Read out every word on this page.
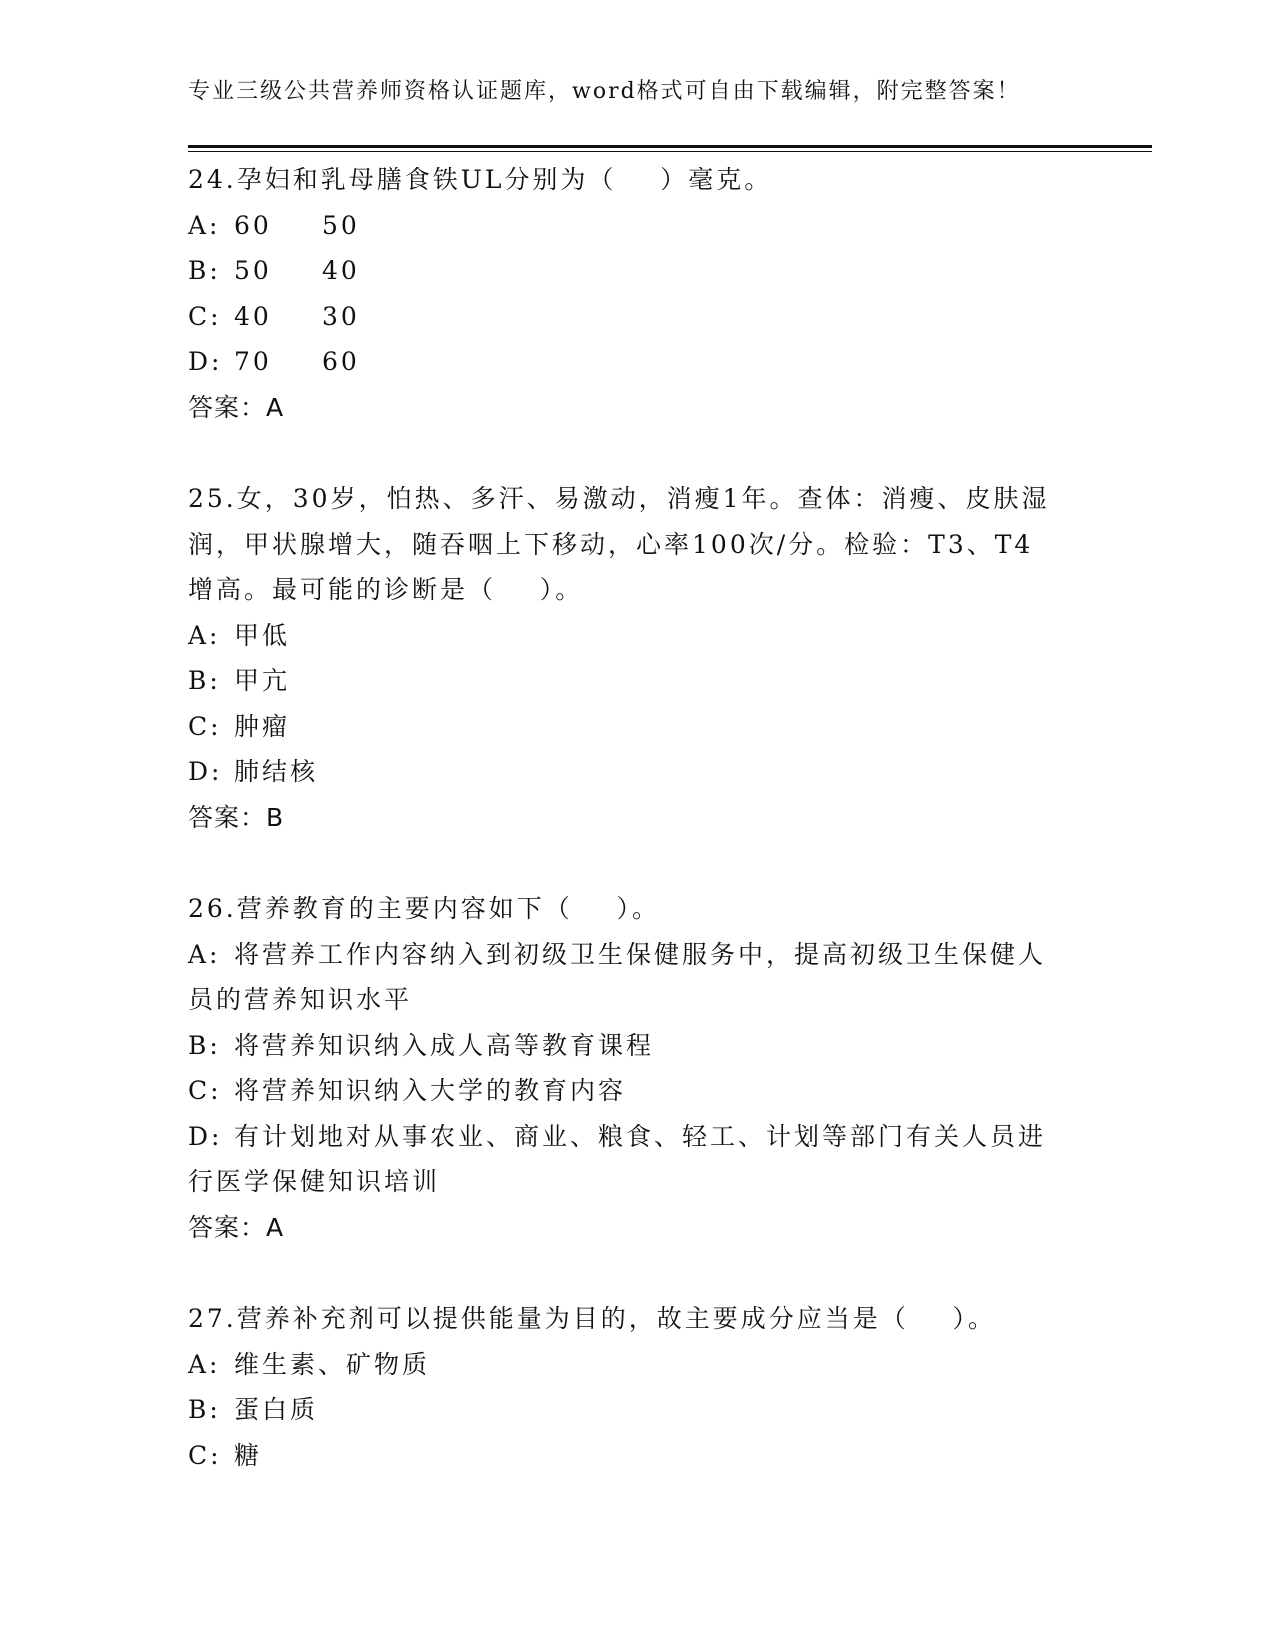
专业三级公共营养师资格认证题库，word格式可自由下载编辑，附完整答案！
24.孕妇和乳母膳食铁UL分别为（    ）毫克。
A: 60 50
B: 50 40
C: 40 30
D: 70 60
答案：A
25.女，30岁，怕热、多汗、易激动，消瘦1年。查体：消瘦、皮肤湿
润，甲状腺增大，随吞咽上下移动，心率100次/分。检验：T3、T4
增高。最可能的诊断是（    ）。
A: 甲低
B: 甲亢
C: 肿瘤
D: 肺结核
答案：B
26.营养教育的主要内容如下（    ）。
A: 将营养工作内容纳入到初级卫生保健服务中，提高初级卫生保健人
员的营养知识水平
B: 将营养知识纳入成人高等教育课程
C: 将营养知识纳入大学的教育内容
D: 有计划地对从事农业、商业、粮食、轻工、计划等部门有关人员进
行医学保健知识培训
答案：A
27.营养补充剂可以提供能量为目的，故主要成分应当是（    ）。
A: 维生素、矿物质
B: 蛋白质
C: 糖
